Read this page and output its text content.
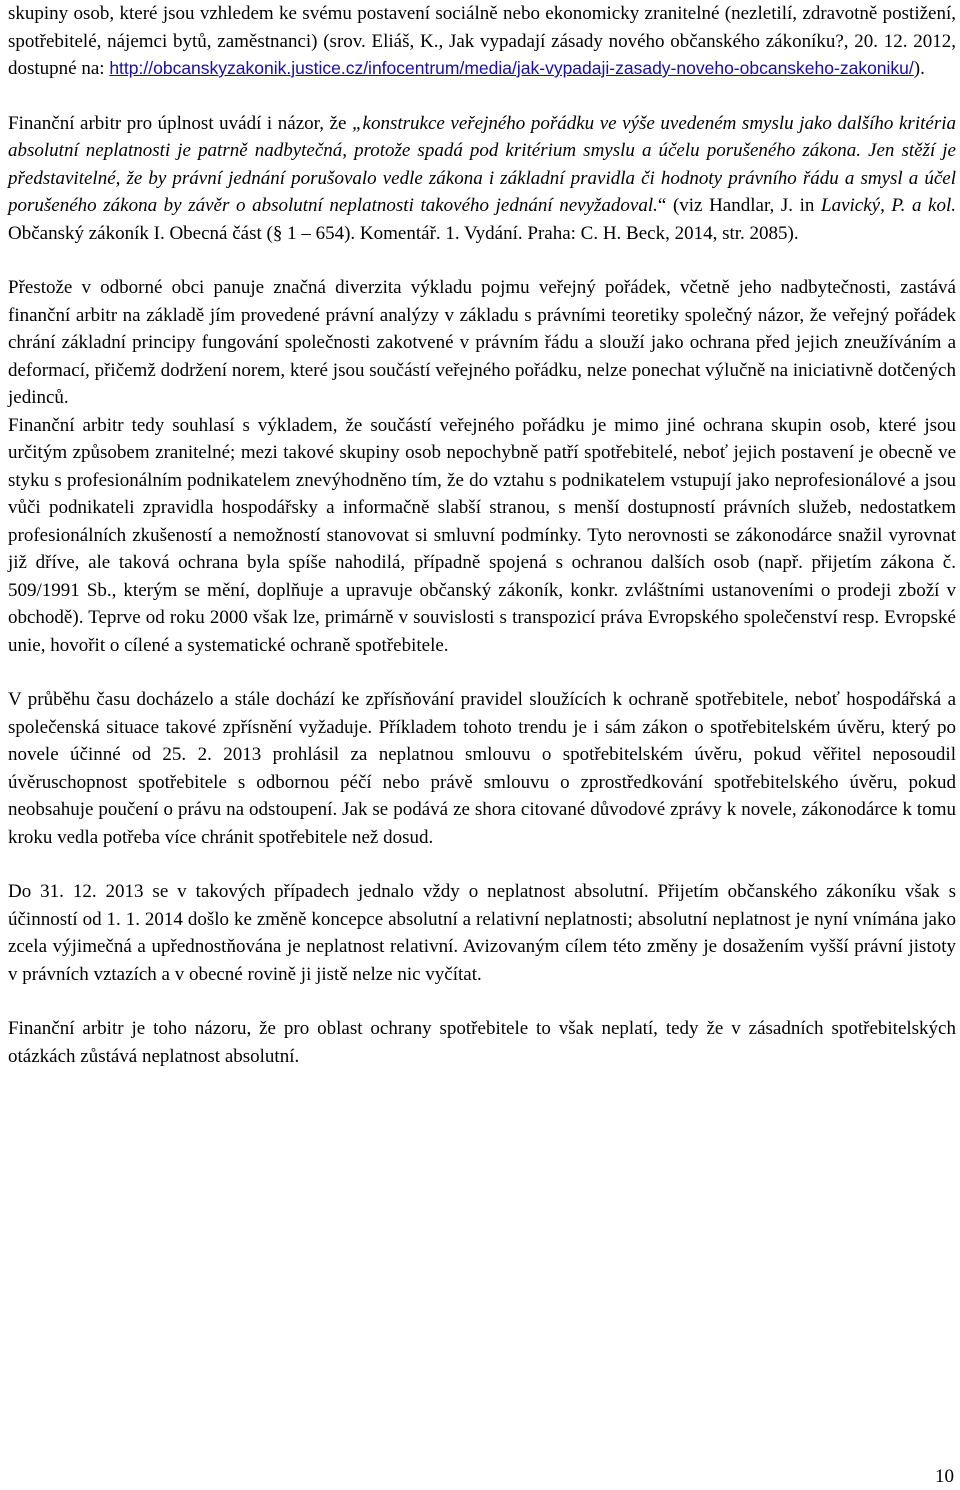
skupiny osob, které jsou vzhledem ke svému postavení sociálně nebo ekonomicky zranitelné (nezletilí, zdravotně postižení, spotřebitelé, nájemci bytů, zaměstnanci) (srov. Eliáš, K., Jak vypadají zásady nového občanského zákoníku?, 20. 12. 2012, dostupné na: http://obcanskyzakonik.justice.cz/infocentrum/media/jak-vypadaji-zasady-noveho-obcanskeho-zakoniku/).

Finanční arbitr pro úplnost uvádí i názor, že „konstrukce veřejného pořádku ve výše uvedeném smyslu jako dalšího kritéria absolutní neplatnosti je patrně nadbytečná, protože spadá pod kritérium smyslu a účelu porušeného zákona. Jen stěží je představitelné, že by právní jednání porušovalo vedle zákona i základní pravidla či hodnoty právního řádu a smysl a účel porušeného zákona by závěr o absolutní neplatnosti takového jednání nevyžadoval.“ (viz Handlar, J. in Lavický, P. a kol. Občanský zákoník I. Obecná část (§ 1 – 654). Komentář. 1. Vydání. Praha: C. H. Beck, 2014, str. 2085).

Přestože v odborné obci panuje značná diverzita výkladu pojmu veřejný pořádek, včetně jeho nadbytečnosti, zastává finanční arbitr na základě jím provedené právní analýzy v základu s právními teoretiky společný názor, že veřejný pořádek chrání základní principy fungování společnosti zakotvené v právním řádu a slouží jako ochrana před jejich zneužíváním a deformací, přičemž dodržení norem, které jsou součástí veřejného pořádku, nelze ponechat výlučně na iniciativně dotčených jedinců.

Finanční arbitr tedy souhlasí s výkladem, že součástí veřejného pořádku je mimo jiné ochrana skupin osob, které jsou určitým způsobem zranitelné; mezi takové skupiny osob nepochybně patří spotřebitelé, neboť jejich postavení je obecně ve styku s profesionálním podnikatelem znevýhodněno tím, že do vztahu s podnikatelem vstupují jako neprofesionálové a jsou vůči podnikateli zpravidla hospodářsky a informačně slabší stranou, s menší dostupností právních služeb, nedostatkem profesionálních zkušeností a nemožností stanovovat si smluvní podmínky. Tyto nerovnosti se zákonodárce snažil vyrovnat již dříve, ale taková ochrana byla spíše nahodilá, případně spojená s ochranou dalších osob (např. přijetím zákona č. 509/1991 Sb., kterým se mění, doplňuje a upravuje občanský zákoník, konkr. zvláštními ustanoveními o prodeji zboží v obchodě). Teprve od roku 2000 však lze, primárně v souvislosti s transpozicí práva Evropského společenství resp. Evropské unie, hovořit o cílené a systematické ochraně spotřebitele.

V průběhu času docházelo a stále dochází ke zpřísňování pravidel sloužících k ochraně spotřebitele, neboť hospodářská a společenská situace takové zpřísnění vyžaduje. Příkladem tohoto trendu je i sám zákon o spotřebitelském úvěru, který po novele účinné od 25. 2. 2013 prohlásil za neplatnou smlouvu o spotřebitelském úvěru, pokud věřitel neposoudil úvěruschopnost spotřebitele s odbornou péčí nebo právě smlouvu o zprostředkování spotřebitelského úvěru, pokud neobsahuje poučení o právu na odstoupení. Jak se podává ze shora citované důvodové zprávy k novele, zákonodárce k tomu kroku vedla potřeba více chránit spotřebitele než dosud.

Do 31. 12. 2013 se v takových případech jednalo vždy o neplatnost absolutní. Přijetím občanského zákoníku však s účinností od 1. 1. 2014 došlo ke změně koncepce absolutní a relativní neplatnosti; absolutní neplatnost je nyní vnímána jako zcela výjimečná a upřednostňována je neplatnost relativní. Avizovaným cílem této změny je dosažením vyšší právní jistoty v právních vztazích a v obecné rovině ji jistě nelze nic vyčítat.

Finanční arbitr je toho názoru, že pro oblast ochrany spotřebitele to však neplatí, tedy že v zásadních spotřebitelských otázkách zůstává neplatnost absolutní.

10
